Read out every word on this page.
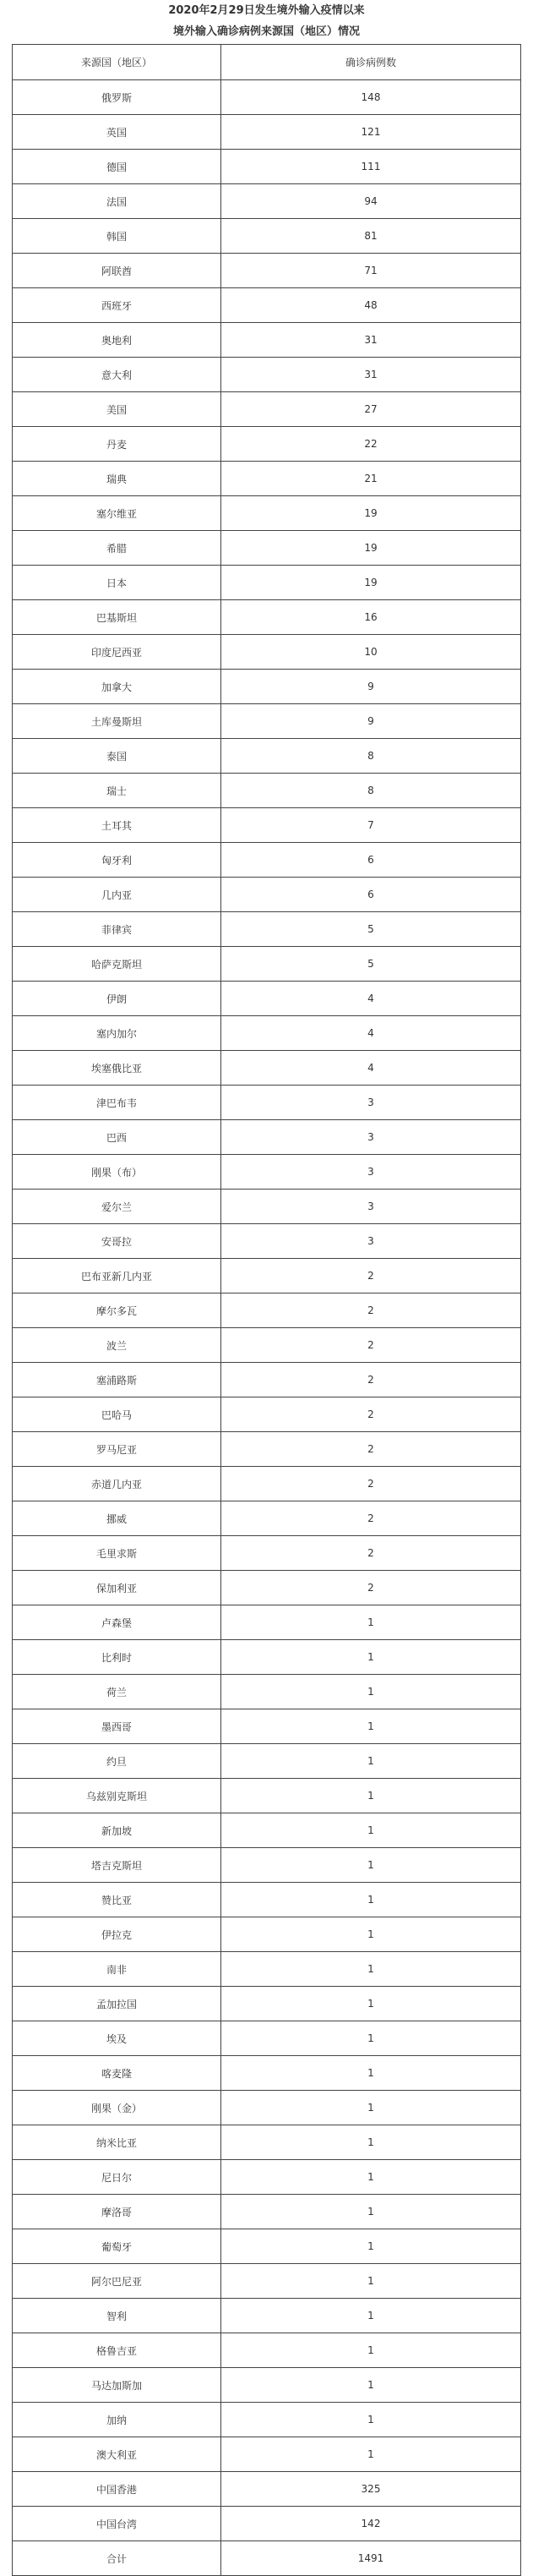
2020年2月29日发生境外输入疫情以来
境外输入确诊病例来源国（地区）情况
来源国（地区）	确诊病例数
俄罗斯	148
英国	121
德国	111
法国	94
韩国	81
阿联酋	71
西班牙	48
奥地利	31
意大利	31
美国	27
丹麦	22
瑞典	21
塞尔维亚	19
希腊	19
日本	19
巴基斯坦	16
印度尼西亚	10
加拿大	9
土库曼斯坦	9
泰国	8
瑞士	8
土耳其	7
匈牙利	6
几内亚	6
菲律宾	5
哈萨克斯坦	5
伊朗	4
塞内加尔	4
埃塞俄比亚	4
津巴布韦	3
巴西	3
刚果（布）	3
爱尔兰	3
安哥拉	3
巴布亚新几内亚	2
摩尔多瓦	2
波兰	2
塞浦路斯	2
巴哈马	2
罗马尼亚	2
赤道几内亚	2
挪威	2
毛里求斯	2
保加利亚	2
卢森堡	1
比利时	1
荷兰	1
墨西哥	1
约旦	1
乌兹别克斯坦	1
新加坡	1
塔吉克斯坦	1
赞比亚	1
伊拉克	1
南非	1
孟加拉国	1
埃及	1
喀麦隆	1
刚果（金）	1
纳米比亚	1
尼日尔	1
摩洛哥	1
葡萄牙	1
阿尔巴尼亚	1
智利	1
格鲁吉亚	1
马达加斯加	1
加纳	1
澳大利亚	1
中国香港	325
中国台湾	142
合计	1491
